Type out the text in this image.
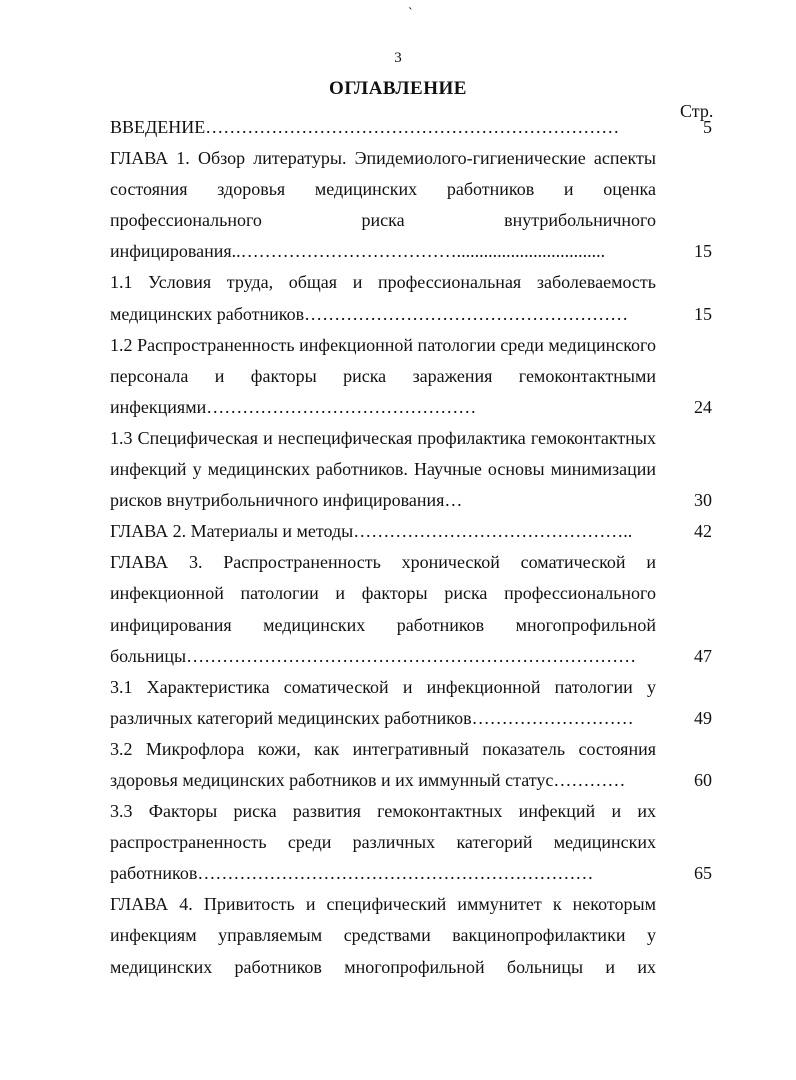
ˋ
3
ОГЛАВЛЕНИЕ
Стр.
ВВЕДЕНИЕ……………………………………………………………	5
ГЛАВА 1. Обзор литературы. Эпидемиолого-гигиенические аспекты состояния здоровья медицинских работников и оценка профессионального риска внутрибольничного инфицирования..……………………………….................................	15
1.1 Условия труда, общая и профессиональная заболеваемость медицинских работников………………………………………………	15
1.2 Распространенность инфекционной патологии среди медицинского персонала и факторы риска заражения гемоконтактными инфекциями………………………………………	24
1.3 Специфическая и неспецифическая профилактика гемоконтактных инфекций у медицинских работников. Научные основы минимизации рисков внутрибольничного инфицирования…	30
ГЛАВА 2. Материалы и методы………………………………………..	42
ГЛАВА 3. Распространенность хронической соматической и инфекционной патологии и факторы риска профессионального инфицирования медицинских работников многопрофильной больницы…………………………………………………………………	47
3.1 Характеристика соматической и инфекционной патологии у различных категорий медицинских работников………………………	49
3.2 Микрофлора кожи, как интегративный показатель состояния здоровья медицинских работников и их иммунный статус…………	60
3.3 Факторы риска развития гемоконтактных инфекций и их распространенность среди различных категорий медицинских работников…………………………………………………………	65
ГЛАВА 4. Привитость и специфический иммунитет к некоторым инфекциям управляемым средствами вакцинопрофилактики у медицинских работников многопрофильной больницы и их
